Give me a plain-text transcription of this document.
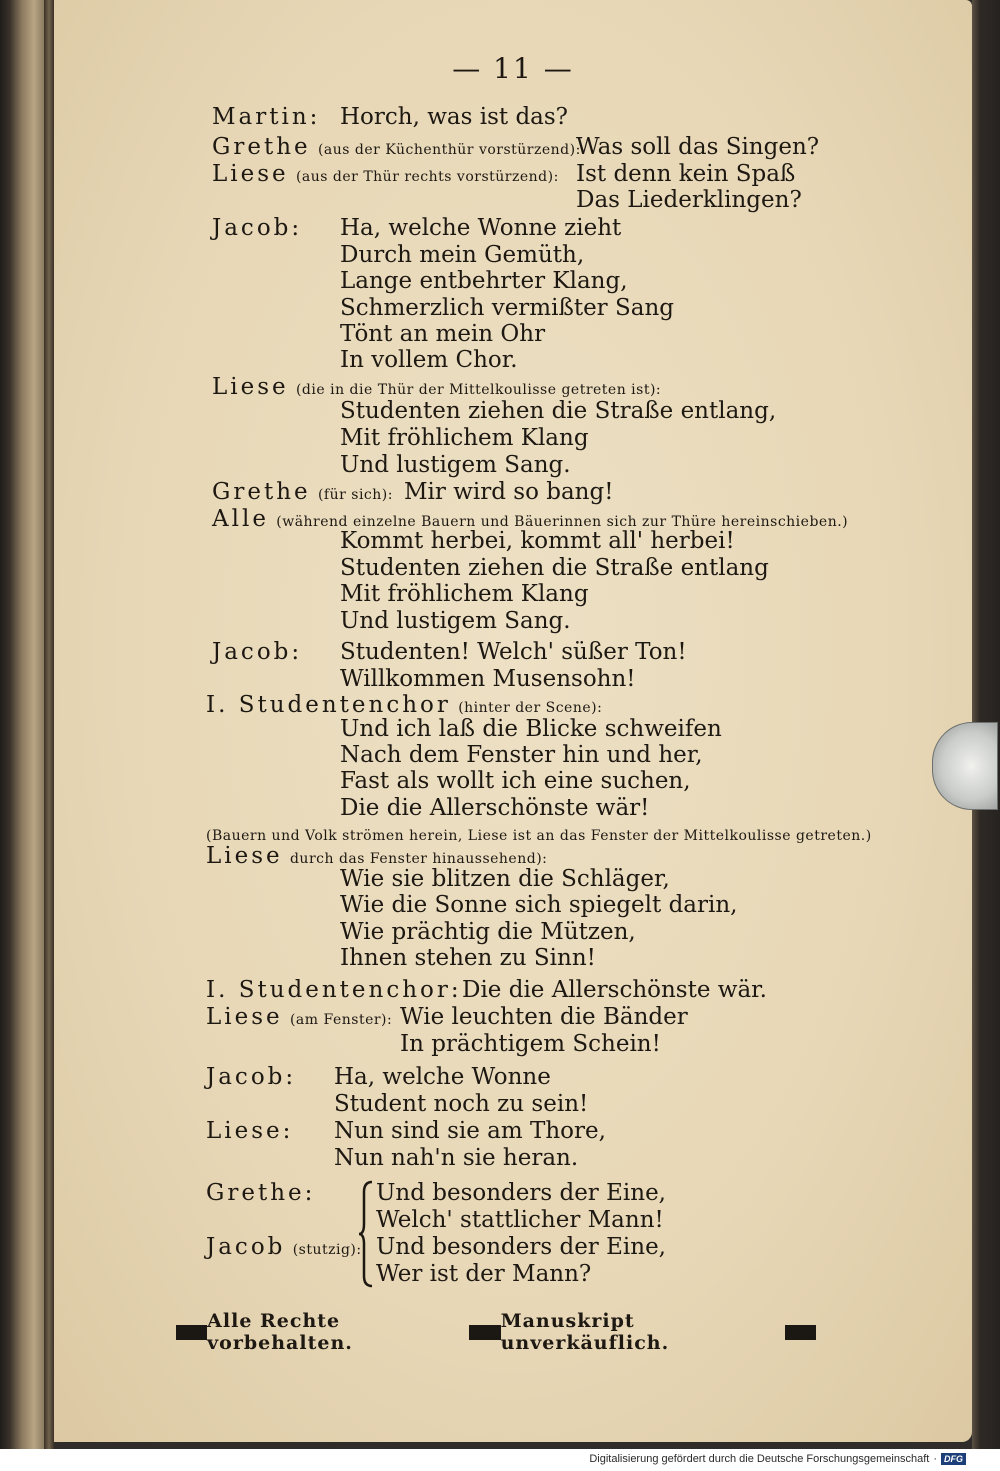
— 11 —
Martin: Horch, was ist das?
Grethe (aus der Küchenthür vorstürzend):
Was soll das Singen?
Liese (aus der Thür rechts vorstürzend): Ist denn kein Spaß
Das Liederklingen?
Jacob: Ha, welche Wonne zieht
Durch mein Gemüth,
Lange entbehrter Klang,
Schmerzlich vermißter Sang
Tönt an mein Ohr
In vollem Chor.
Liese (die in die Thür der Mittelkoulisse getreten ist):
Studenten ziehen die Straße entlang,
Mit fröhlichem Klang
Und lustigem Sang.
Grethe (für sich): Mir wird so bang!
Alle (während einzelne Bauern und Bäuerinnen sich zur Thüre hereinschieben.)
Kommt herbei, kommt all' herbei!
Studenten ziehen die Straße entlang
Mit fröhlichem Klang
Und lustigem Sang.
Jacob: Studenten! Welch' süßer Ton!
Willkommen Musensohn!
I. Studentenchor (hinter der Scene):
Und ich laß die Blicke schweifen
Nach dem Fenster hin und her,
Fast als wollt ich eine suchen,
Die die Allerschönste wär!
(Bauern und Volk strömen herein, Liese ist an das Fenster der Mittelkoulisse getreten.)
Liese durch das Fenster hinaussehend):
Wie sie blitzen die Schläger,
Wie die Sonne sich spiegelt darin,
Wie prächtig die Mützen,
Ihnen stehen zu Sinn!
I. Studentenchor: Die die Allerschönste wär.
Liese (am Fenster): Wie leuchten die Bänder
In prächtigem Schein!
Jacob: Ha, welche Wonne
Student noch zu sein!
Liese: Nun sind sie am Thore,
Nun nah'n sie heran.
Grethe:	Und besonders der Eine,
Welch' stattlicher Mann!
Jacob (stutzig): Und besonders der Eine,
Wer ist der Mann?
Alle Rechte vorbehalten.
Manuskript unverkäuflich.
Digitalisierung gefördert durch die Deutsche Forschungsgemeinschaft · DFG
